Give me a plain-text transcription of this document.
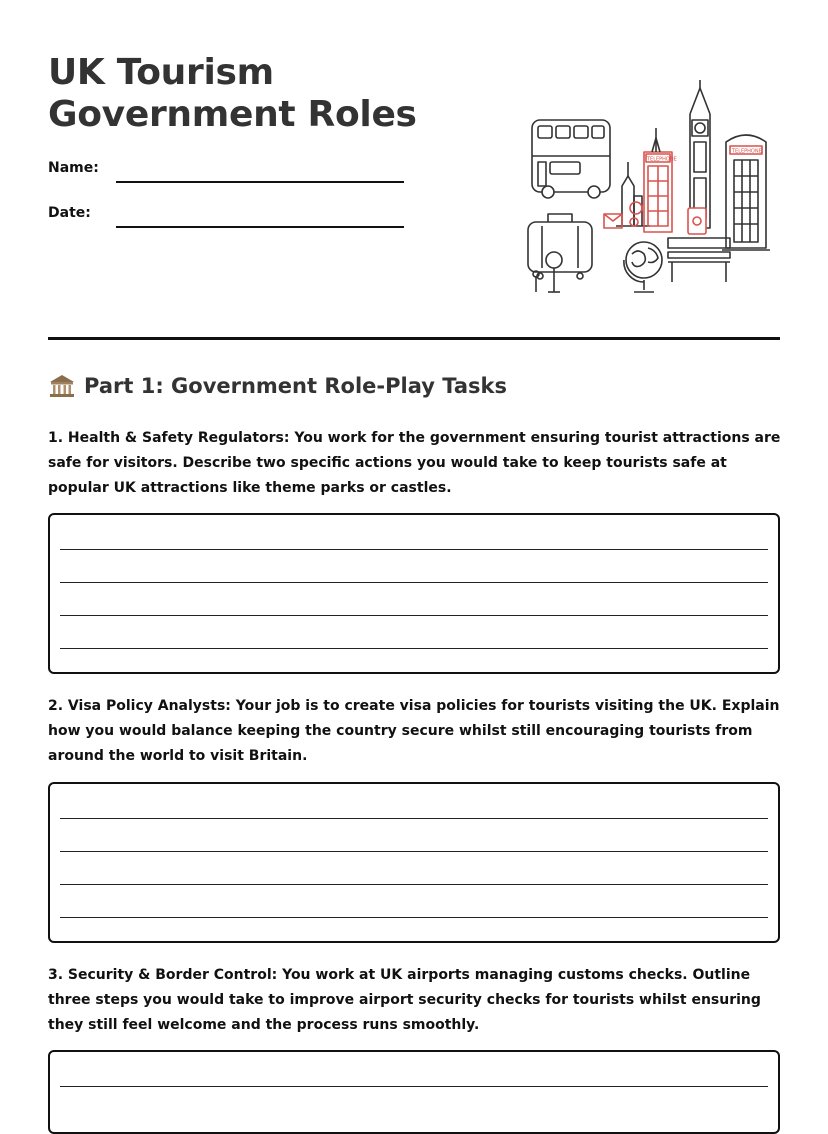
UK Tourism
Government Roles
Name:
Date:
TELEPHONE
TELEPHONE
Part 1: Government Role-Play Tasks

1. Health & Safety Regulators: You work for the government ensuring tourist attractions are safe for visitors. Describe two specific actions you would take to keep tourists safe at popular UK attractions like theme parks or castles.

2. Visa Policy Analysts: Your job is to create visa policies for tourists visiting the UK. Explain how you would balance keeping the country secure whilst still encouraging tourists from around the world to visit Britain.

3. Security & Border Control: You work at UK airports managing customs checks. Outline three steps you would take to improve airport security checks for tourists whilst ensuring they still feel welcome and the process runs smoothly.
